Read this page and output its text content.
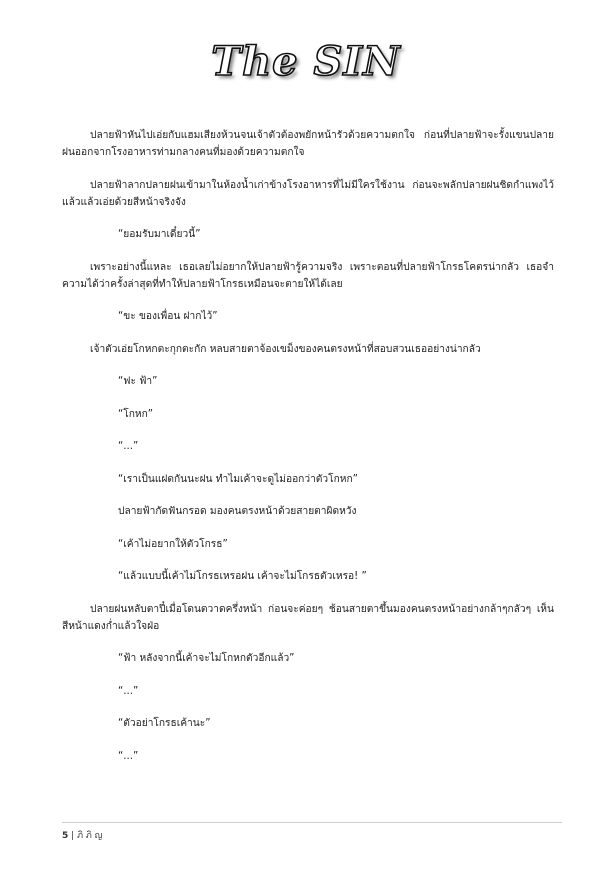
The SIN

ปลายฟ้าหันไปเอ่ยกับแฮมเสียงห้วนจนเจ้าตัวต้องพยักหน้ารัวด้วยความตกใจ ก่อนที่ปลายฟ้าจะรั้งแขนปลายฝนออกจากโรงอาหารท่ามกลางคนที่มองด้วยความตกใจ

ปลายฟ้าลากปลายฝนเข้ามาในห้องน้ำเก่าข้างโรงอาหารที่ไม่มีใครใช้งาน ก่อนจะพลักปลายฝนชิดกำแพงไว้แล้วแล้วเอ่ยด้วยสีหน้าจริงจัง

“ยอมรับมาเดี๋ยวนี้”

เพราะอย่างนี้แหละ เธอเลยไม่อยากให้ปลายฟ้ารู้ความจริง เพราะตอนที่ปลายฟ้าโกรธโคตรน่ากลัว เธอจำความได้ว่าครั้งล่าสุดที่ทำให้ปลายฟ้าโกรธเหมือนจะตายให้ได้เลย

“ขะ ของเพื่อน ฝากไว้”

เจ้าตัวเอ่ยโกหกตะกุกตะกัก หลบสายตาจ้องเขม็งของคนตรงหน้าที่สอบสวนเธออย่างน่ากลัว

“ฟะ ฟ้า”

“โกหก”

“...”

“เราเป็นแฝดกันนะฝน ทำไมเค้าจะดูไม่ออกว่าตัวโกหก”

ปลายฟ้ากัดฟันกรอด มองคนตรงหน้าด้วยสายตาผิดหวัง

“เค้าไม่อยากให้ตัวโกรธ”

“แล้วแบบนี้เค้าไม่โกรธเหรอฝน เค้าจะไม่โกรธตัวเหรอ! ”

ปลายฝนหลับตาปี๋เมื่อโดนตวาดครึ่งหน้า ก่อนจะค่อยๆ ช้อนสายตาขึ้นมองคนตรงหน้าอย่างกล้าๆกลัวๆ เห็นสีหน้าแดงก่ำแล้วใจฝ่อ

“ฟ้า หลังจากนี้เค้าจะไม่โกหกตัวอีกแล้ว”

“...”

“ตัวอย่าโกรธเค้านะ”

“...”

5 | ภิ ภิ ญ
